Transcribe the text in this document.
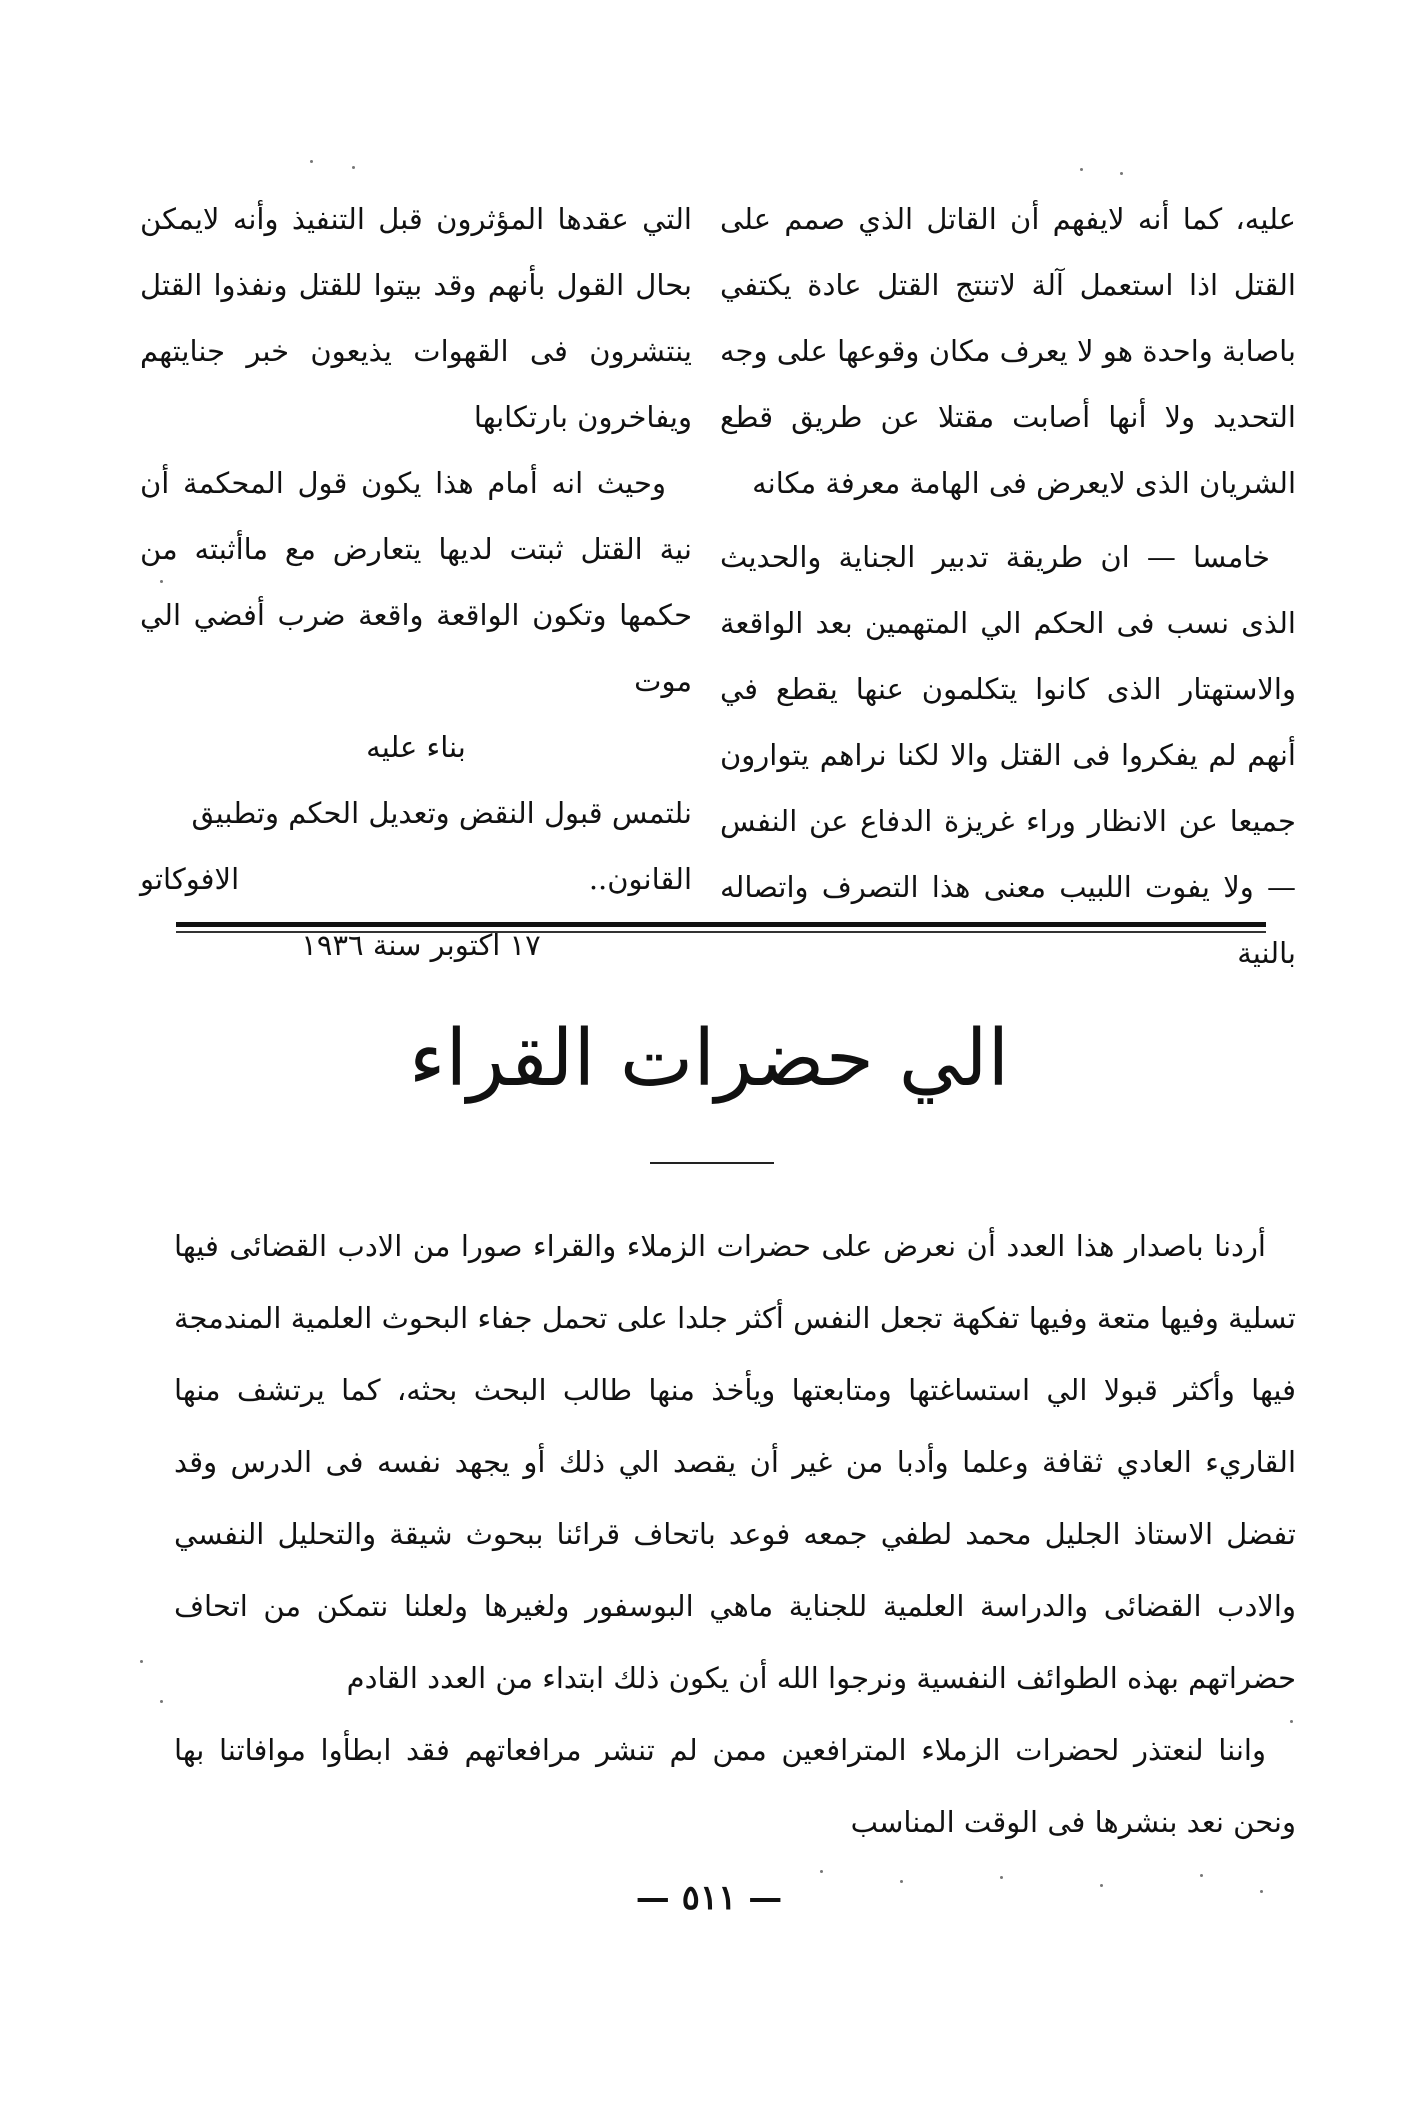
عليه، كما أنه لايفهم أن القاتل الذي صمم على القتل اذا استعمل آلة لاتنتج القتل عادة يكتفي باصابة واحدة هو لا يعرف مكان وقوعها على وجه التحديد ولا أنها أصابت مقتلا عن طريق قطع الشريان الذى لايعرض فى الهامة معرفة مكانه

خامسا — ان طريقة تدبير الجناية والحديث الذى نسب فى الحكم الي المتهمين بعد الواقعة والاستهتار الذى كانوا يتكلمون عنها يقطع في أنهم لم يفكروا فى القتل والا لكنا نراهم يتوارون جميعا عن الانظار وراء غريزة الدفاع عن النفس — ولا يفوت اللبيب معنى هذا التصرف واتصاله بالنية

التي عقدها المؤثرون قبل التنفيذ وأنه لايمكن بحال القول بأنهم وقد بيتوا للقتل ونفذوا القتل ينتشرون فى القهوات يذيعون خبر جنايتهم ويفاخرون بارتكابها

وحيث انه أمام هذا يكون قول المحكمة أن نية القتل ثبتت لديها يتعارض مع ماأثبته من حكمها وتكون الواقعة واقعة ضرب أفضي الي موت

بناء عليه

نلتمس قبول النقض وتعديل الحكم وتطبيق

القانون..
الافوكاتو

١٧ اكتوبر سنة ١٩٣٦

الي حضرات القراء

أردنا باصدار هذا العدد أن نعرض على حضرات الزملاء والقراء صورا من الادب القضائى فيها تسلية وفيها متعة وفيها تفكهة تجعل النفس أكثر جلدا على تحمل جفاء البحوث العلمية المندمجة فيها وأكثر قبولا الي استساغتها ومتابعتها ويأخذ منها طالب البحث بحثه، كما يرتشف منها القاريء العادي ثقافة وعلما وأدبا من غير أن يقصد الي ذلك أو يجهد نفسه فى الدرس وقد تفضل الاستاذ الجليل محمد لطفي جمعه فوعد باتحاف قرائنا ببحوث شيقة والتحليل النفسي والادب القضائى والدراسة العلمية للجناية ماهي البوسفور ولغيرها ولعلنا نتمكن من اتحاف حضراتهم بهذه الطوائف النفسية ونرجوا الله أن يكون ذلك ابتداء من العدد القادم

واننا لنعتذر لحضرات الزملاء المترافعين ممن لم تنشر مرافعاتهم فقد ابطأوا موافاتنا بها ونحن نعد بنشرها فى الوقت المناسب

— ٥١١ —
